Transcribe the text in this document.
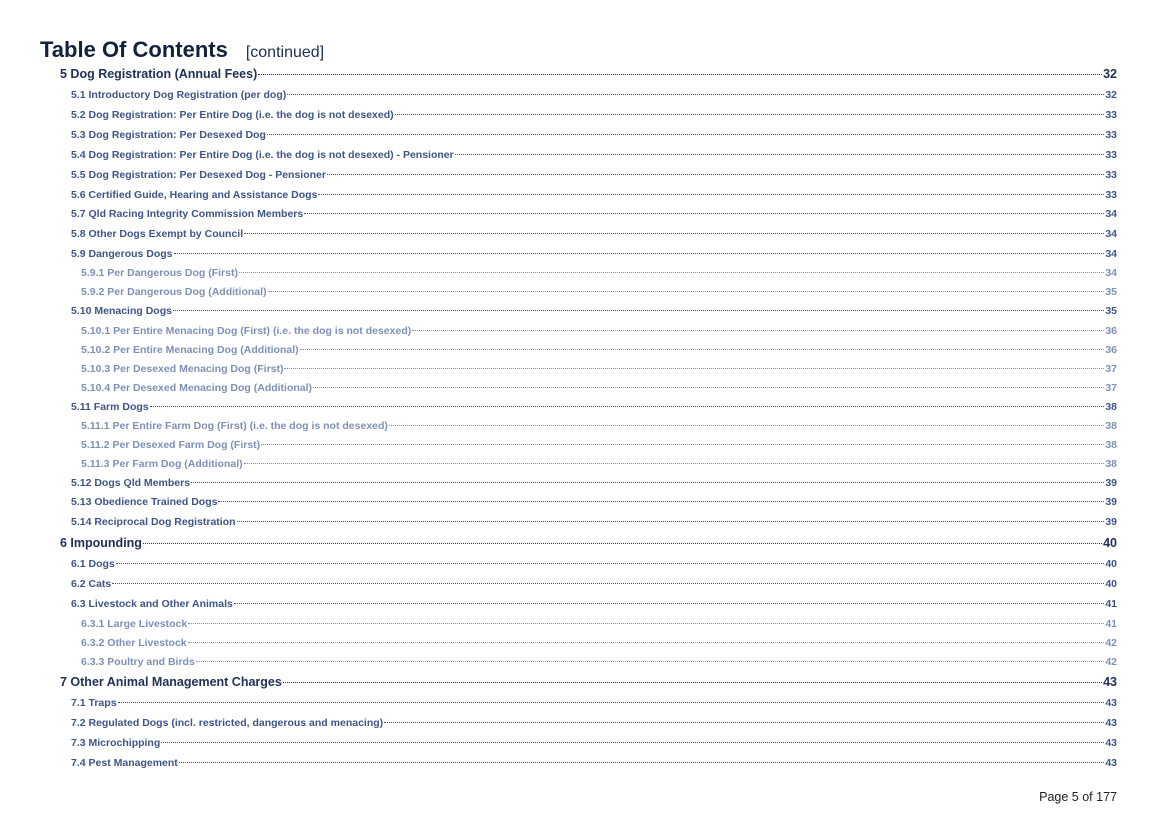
Table Of Contents [continued]
5 Dog Registration (Annual Fees)	32
5.1 Introductory Dog Registration (per dog)	32
5.2 Dog Registration: Per Entire Dog (i.e. the dog is not desexed)	33
5.3 Dog Registration: Per Desexed Dog	33
5.4 Dog Registration: Per Entire Dog (i.e. the dog is not desexed) - Pensioner	33
5.5 Dog Registration: Per Desexed Dog - Pensioner	33
5.6 Certified Guide, Hearing and Assistance Dogs	33
5.7 Qld Racing Integrity Commission Members	34
5.8 Other Dogs Exempt by Council	34
5.9 Dangerous Dogs	34
5.9.1 Per Dangerous Dog (First)	34
5.9.2 Per Dangerous Dog (Additional)	35
5.10 Menacing Dogs	35
5.10.1 Per Entire Menacing Dog (First) (i.e. the dog is not desexed)	36
5.10.2 Per Entire Menacing Dog (Additional)	36
5.10.3 Per Desexed Menacing Dog (First)	37
5.10.4 Per Desexed Menacing Dog (Additional)	37
5.11 Farm Dogs	38
5.11.1 Per Entire Farm Dog (First) (i.e. the dog is not desexed)	38
5.11.2 Per Desexed Farm Dog (First)	38
5.11.3 Per Farm Dog (Additional)	38
5.12 Dogs Qld Members	39
5.13 Obedience Trained Dogs	39
5.14 Reciprocal Dog Registration	39
6 Impounding	40
6.1 Dogs	40
6.2 Cats	40
6.3 Livestock and Other Animals	41
6.3.1 Large Livestock	41
6.3.2 Other Livestock	42
6.3.3 Poultry and Birds	42
7 Other Animal Management Charges	43
7.1 Traps	43
7.2 Regulated Dogs (incl. restricted, dangerous and menacing)	43
7.3 Microchipping	43
7.4 Pest Management	43
Page 5 of 177
